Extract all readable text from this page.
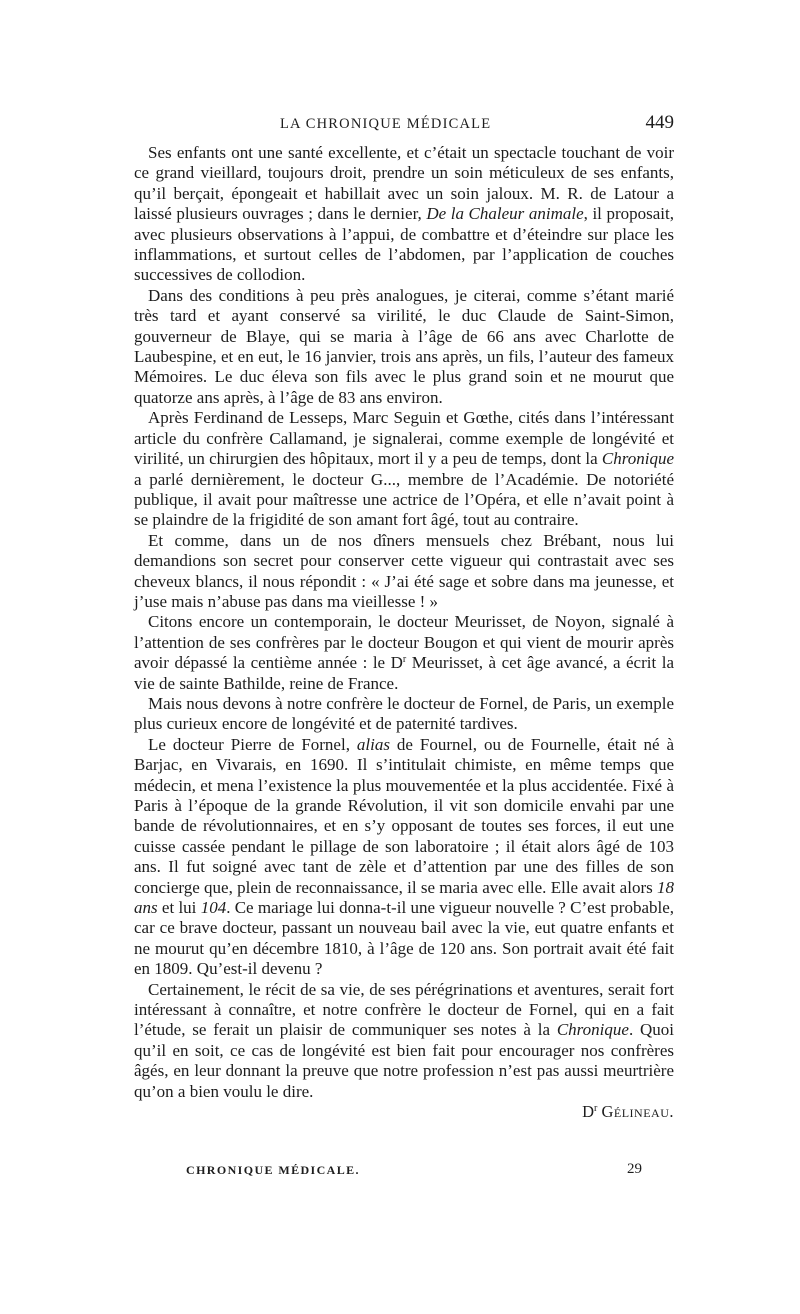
LA CHRONIQUE MÉDICALE	449

Ses enfants ont une santé excellente, et c’était un spectacle touchant de voir ce grand vieillard, toujours droit, prendre un soin méticuleux de ses enfants, qu’il berçait, épongeait et habillait avec un soin jaloux. M. R. de Latour a laissé plusieurs ouvrages ; dans le dernier, De la Chaleur animale, il proposait, avec plusieurs observations à l’appui, de combattre et d’éteindre sur place les inflammations, et surtout celles de l’abdomen, par l’application de couches successives de collodion.

Dans des conditions à peu près analogues, je citerai, comme s’étant marié très tard et ayant conservé sa virilité, le duc Claude de Saint-Simon, gouverneur de Blaye, qui se maria à l’âge de 66 ans avec Charlotte de Laubespine, et en eut, le 16 janvier, trois ans après, un fils, l’auteur des fameux Mémoires. Le duc éleva son fils avec le plus grand soin et ne mourut que quatorze ans après, à l’âge de 83 ans environ.

Après Ferdinand de Lesseps, Marc Seguin et Gœthe, cités dans l’intéressant article du confrère Callamand, je signalerai, comme exemple de longévité et virilité, un chirurgien des hôpitaux, mort il y a peu de temps, dont la Chronique a parlé dernièrement, le docteur G..., membre de l’Académie. De notoriété publique, il avait pour maîtresse une actrice de l’Opéra, et elle n’avait point à se plaindre de la frigidité de son amant fort âgé, tout au contraire.

Et comme, dans un de nos dîners mensuels chez Brébant, nous lui demandions son secret pour conserver cette vigueur qui contrastait avec ses cheveux blancs, il nous répondit : « J’ai été sage et sobre dans ma jeunesse, et j’use mais n’abuse pas dans ma vieillesse ! »

Citons encore un contemporain, le docteur Meurisset, de Noyon, signalé à l’attention de ses confrères par le docteur Bougon et qui vient de mourir après avoir dépassé la centième année : le $D^r$ Meurisset, à cet âge avancé, a écrit la vie de sainte Bathilde, reine de France.

Mais nous devons à notre confrère le docteur de Fornel, de Paris, un exemple plus curieux encore de longévité et de paternité tardives.

Le docteur Pierre de Fornel, alias de Fournel, ou de Fournelle, était né à Barjac, en Vivarais, en 1690. Il s’intitulait chimiste, en même temps que médecin, et mena l’existence la plus mouvementée et la plus accidentée. Fixé à Paris à l’époque de la grande Révolution, il vit son domicile envahi par une bande de révolutionnaires, et en s’y opposant de toutes ses forces, il eut une cuisse cassée pendant le pillage de son laboratoire ; il était alors âgé de 103 ans. Il fut soigné avec tant de zèle et d’attention par une des filles de son concierge que, plein de reconnaissance, il se maria avec elle. Elle avait alors 18 ans et lui 104. Ce mariage lui donna-t-il une vigueur nouvelle ? C’est probable, car ce brave docteur, passant un nouveau bail avec la vie, eut quatre enfants et ne mourut qu’en décembre 1810, à l’âge de 120 ans. Son portrait avait été fait en 1809. Qu’est-il devenu ?

Certainement, le récit de sa vie, de ses pérégrinations et aventures, serait fort intéressant à connaître, et notre confrère le docteur de Fornel, qui en a fait l’étude, se ferait un plaisir de communiquer ses notes à la Chronique. Quoi qu’il en soit, ce cas de longévité est bien fait pour encourager nos confrères âgés, en leur donnant la preuve que notre profession n’est pas aussi meurtrière qu’on a bien voulu le dire.

$D^r$ Gélineau.
CHRONIQUE MÉDICALE.	29
